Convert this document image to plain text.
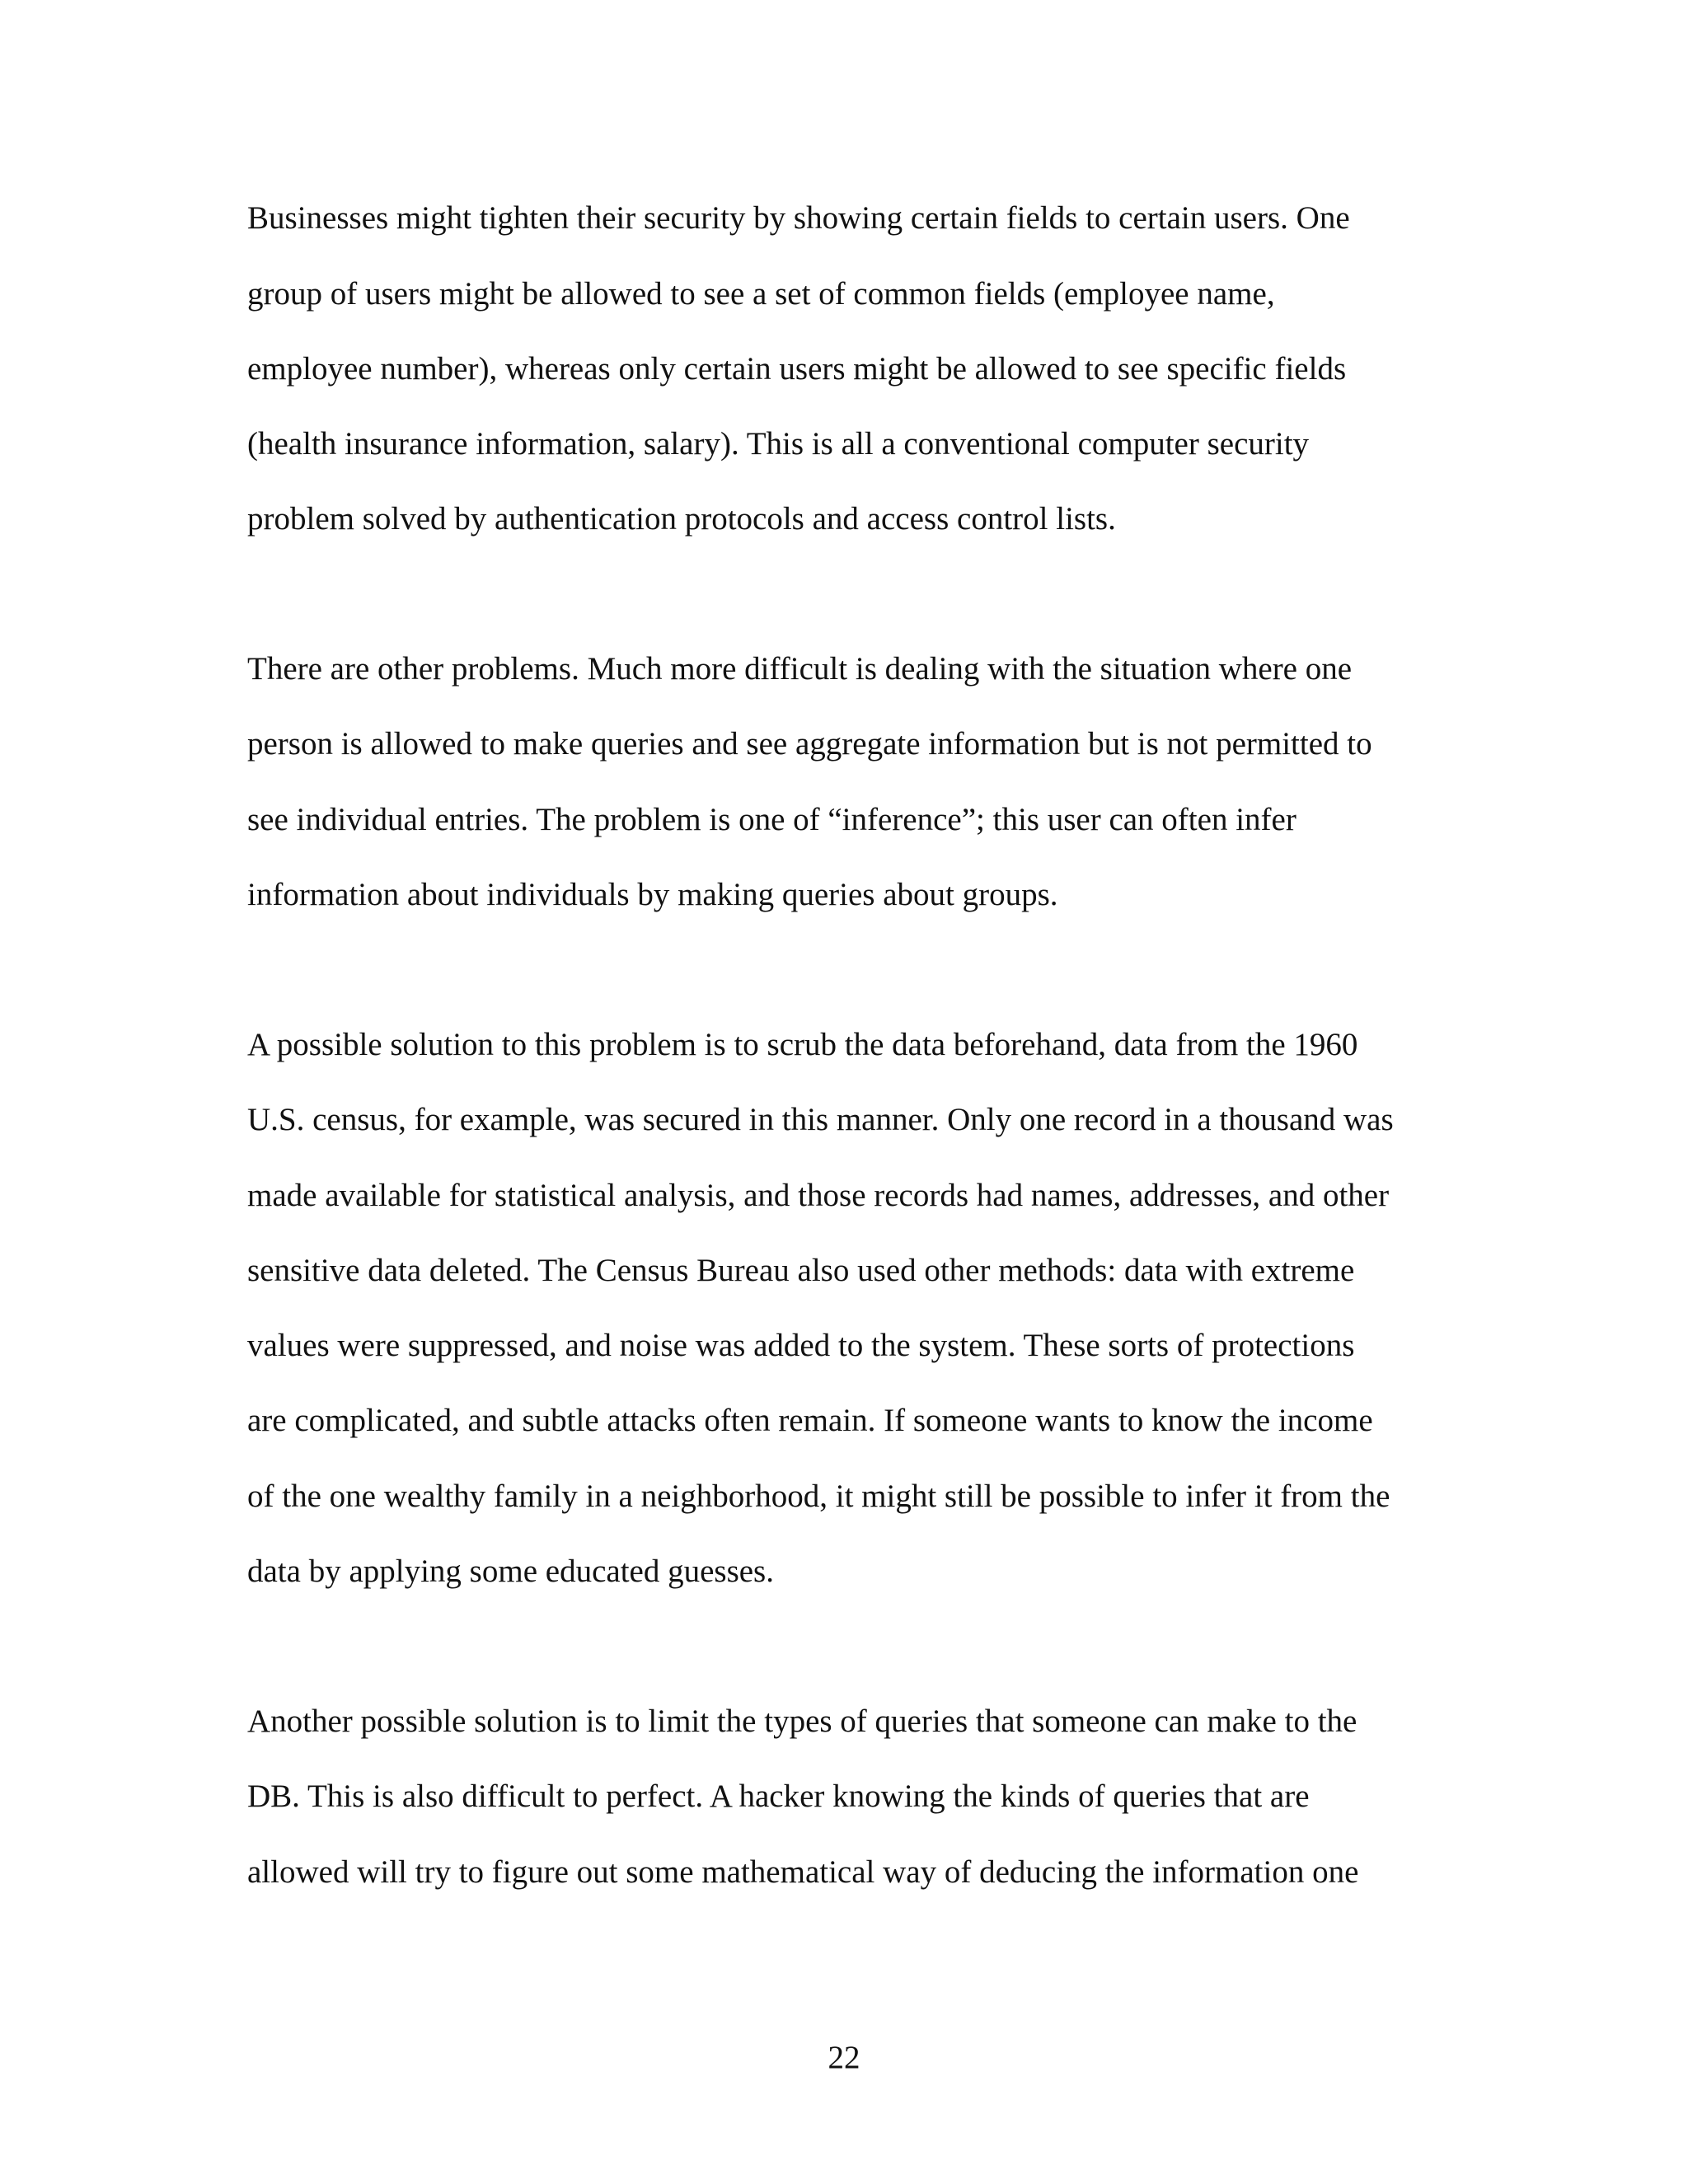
Businesses might tighten their security by showing certain fields to certain users. One
group of users might be allowed to see a set of common fields (employee name,
employee number), whereas only certain users might be allowed to see specific fields
(health insurance information, salary). This is all a conventional computer security
problem solved by authentication protocols and access control lists.
There are other problems. Much more difficult is dealing with the situation where one
person is allowed to make queries and see aggregate information but is not permitted to
see individual entries. The problem is one of “inference”; this user can often infer
information about individuals by making queries about groups.
A possible solution to this problem is to scrub the data beforehand, data from the 1960
U.S. census, for example, was secured in this manner. Only one record in a thousand was
made available for statistical analysis, and those records had names, addresses, and other
sensitive data deleted. The Census Bureau also used other methods: data with extreme
values were suppressed, and noise was added to the system. These sorts of protections
are complicated, and subtle attacks often remain. If someone wants to know the income
of the one wealthy family in a neighborhood, it might still be possible to infer it from the
data by applying some educated guesses.
Another possible solution is to limit the types of queries that someone can make to the
DB. This is also difficult to perfect. A hacker knowing the kinds of queries that are
allowed will try to figure out some mathematical way of deducing the information one
22
